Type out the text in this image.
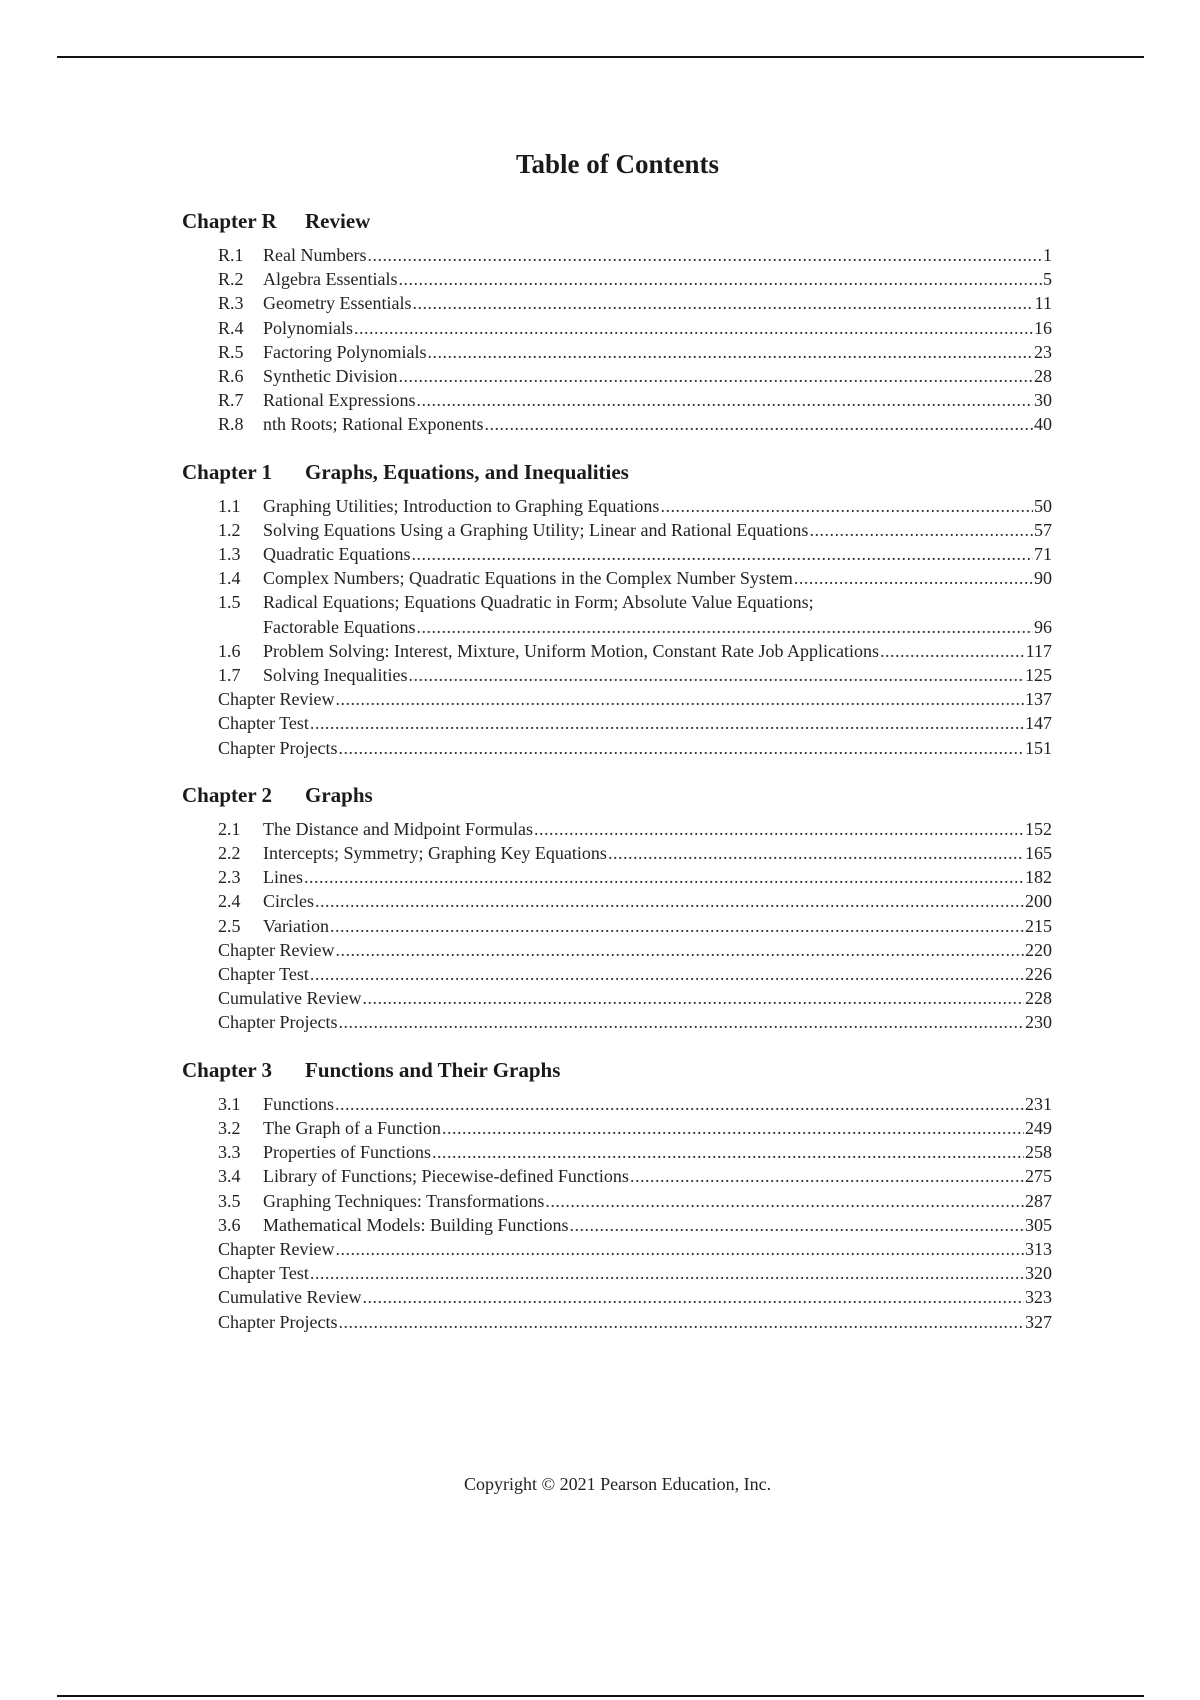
Table of Contents
Chapter R Review
R.1	Real Numbers .....	1
R.2	Algebra Essentials .....	5
R.3	Geometry Essentials .....	11
R.4	Polynomials .....	16
R.5	Factoring Polynomials .....	23
R.6	Synthetic Division .....	28
R.7	Rational Expressions .....	30
R.8	nth Roots; Rational Exponents .....	40
Chapter 1 Graphs, Equations, and Inequalities
1.1	Graphing Utilities; Introduction to Graphing Equations .....	50
1.2	Solving Equations Using a Graphing Utility; Linear and Rational Equations .....	57
1.3	Quadratic Equations .....	71
1.4	Complex Numbers; Quadratic Equations in the Complex Number System .....	90
1.5	Radical Equations; Equations Quadratic in Form; Absolute Value Equations;
Factorable Equations .....	96
1.6	Problem Solving: Interest, Mixture, Uniform Motion, Constant Rate Job Applications .....	117
1.7	Solving Inequalities .....	125
Chapter Review .....	137
Chapter Test .....	147
Chapter Projects .....	151
Chapter 2 Graphs
2.1	The Distance and Midpoint Formulas .....	152
2.2	Intercepts; Symmetry; Graphing Key Equations .....	165
2.3	Lines .....	182
2.4	Circles .....	200
2.5	Variation .....	215
Chapter Review .....	220
Chapter Test .....	226
Cumulative Review .....	228
Chapter Projects .....	230
Chapter 3 Functions and Their Graphs
3.1	Functions .....	231
3.2	The Graph of a Function .....	249
3.3	Properties of Functions .....	258
3.4	Library of Functions; Piecewise-defined Functions .....	275
3.5	Graphing Techniques: Transformations .....	287
3.6	Mathematical Models: Building Functions .....	305
Chapter Review .....	313
Chapter Test .....	320
Cumulative Review .....	323
Chapter Projects .....	327
Copyright © 2021 Pearson Education, Inc.
